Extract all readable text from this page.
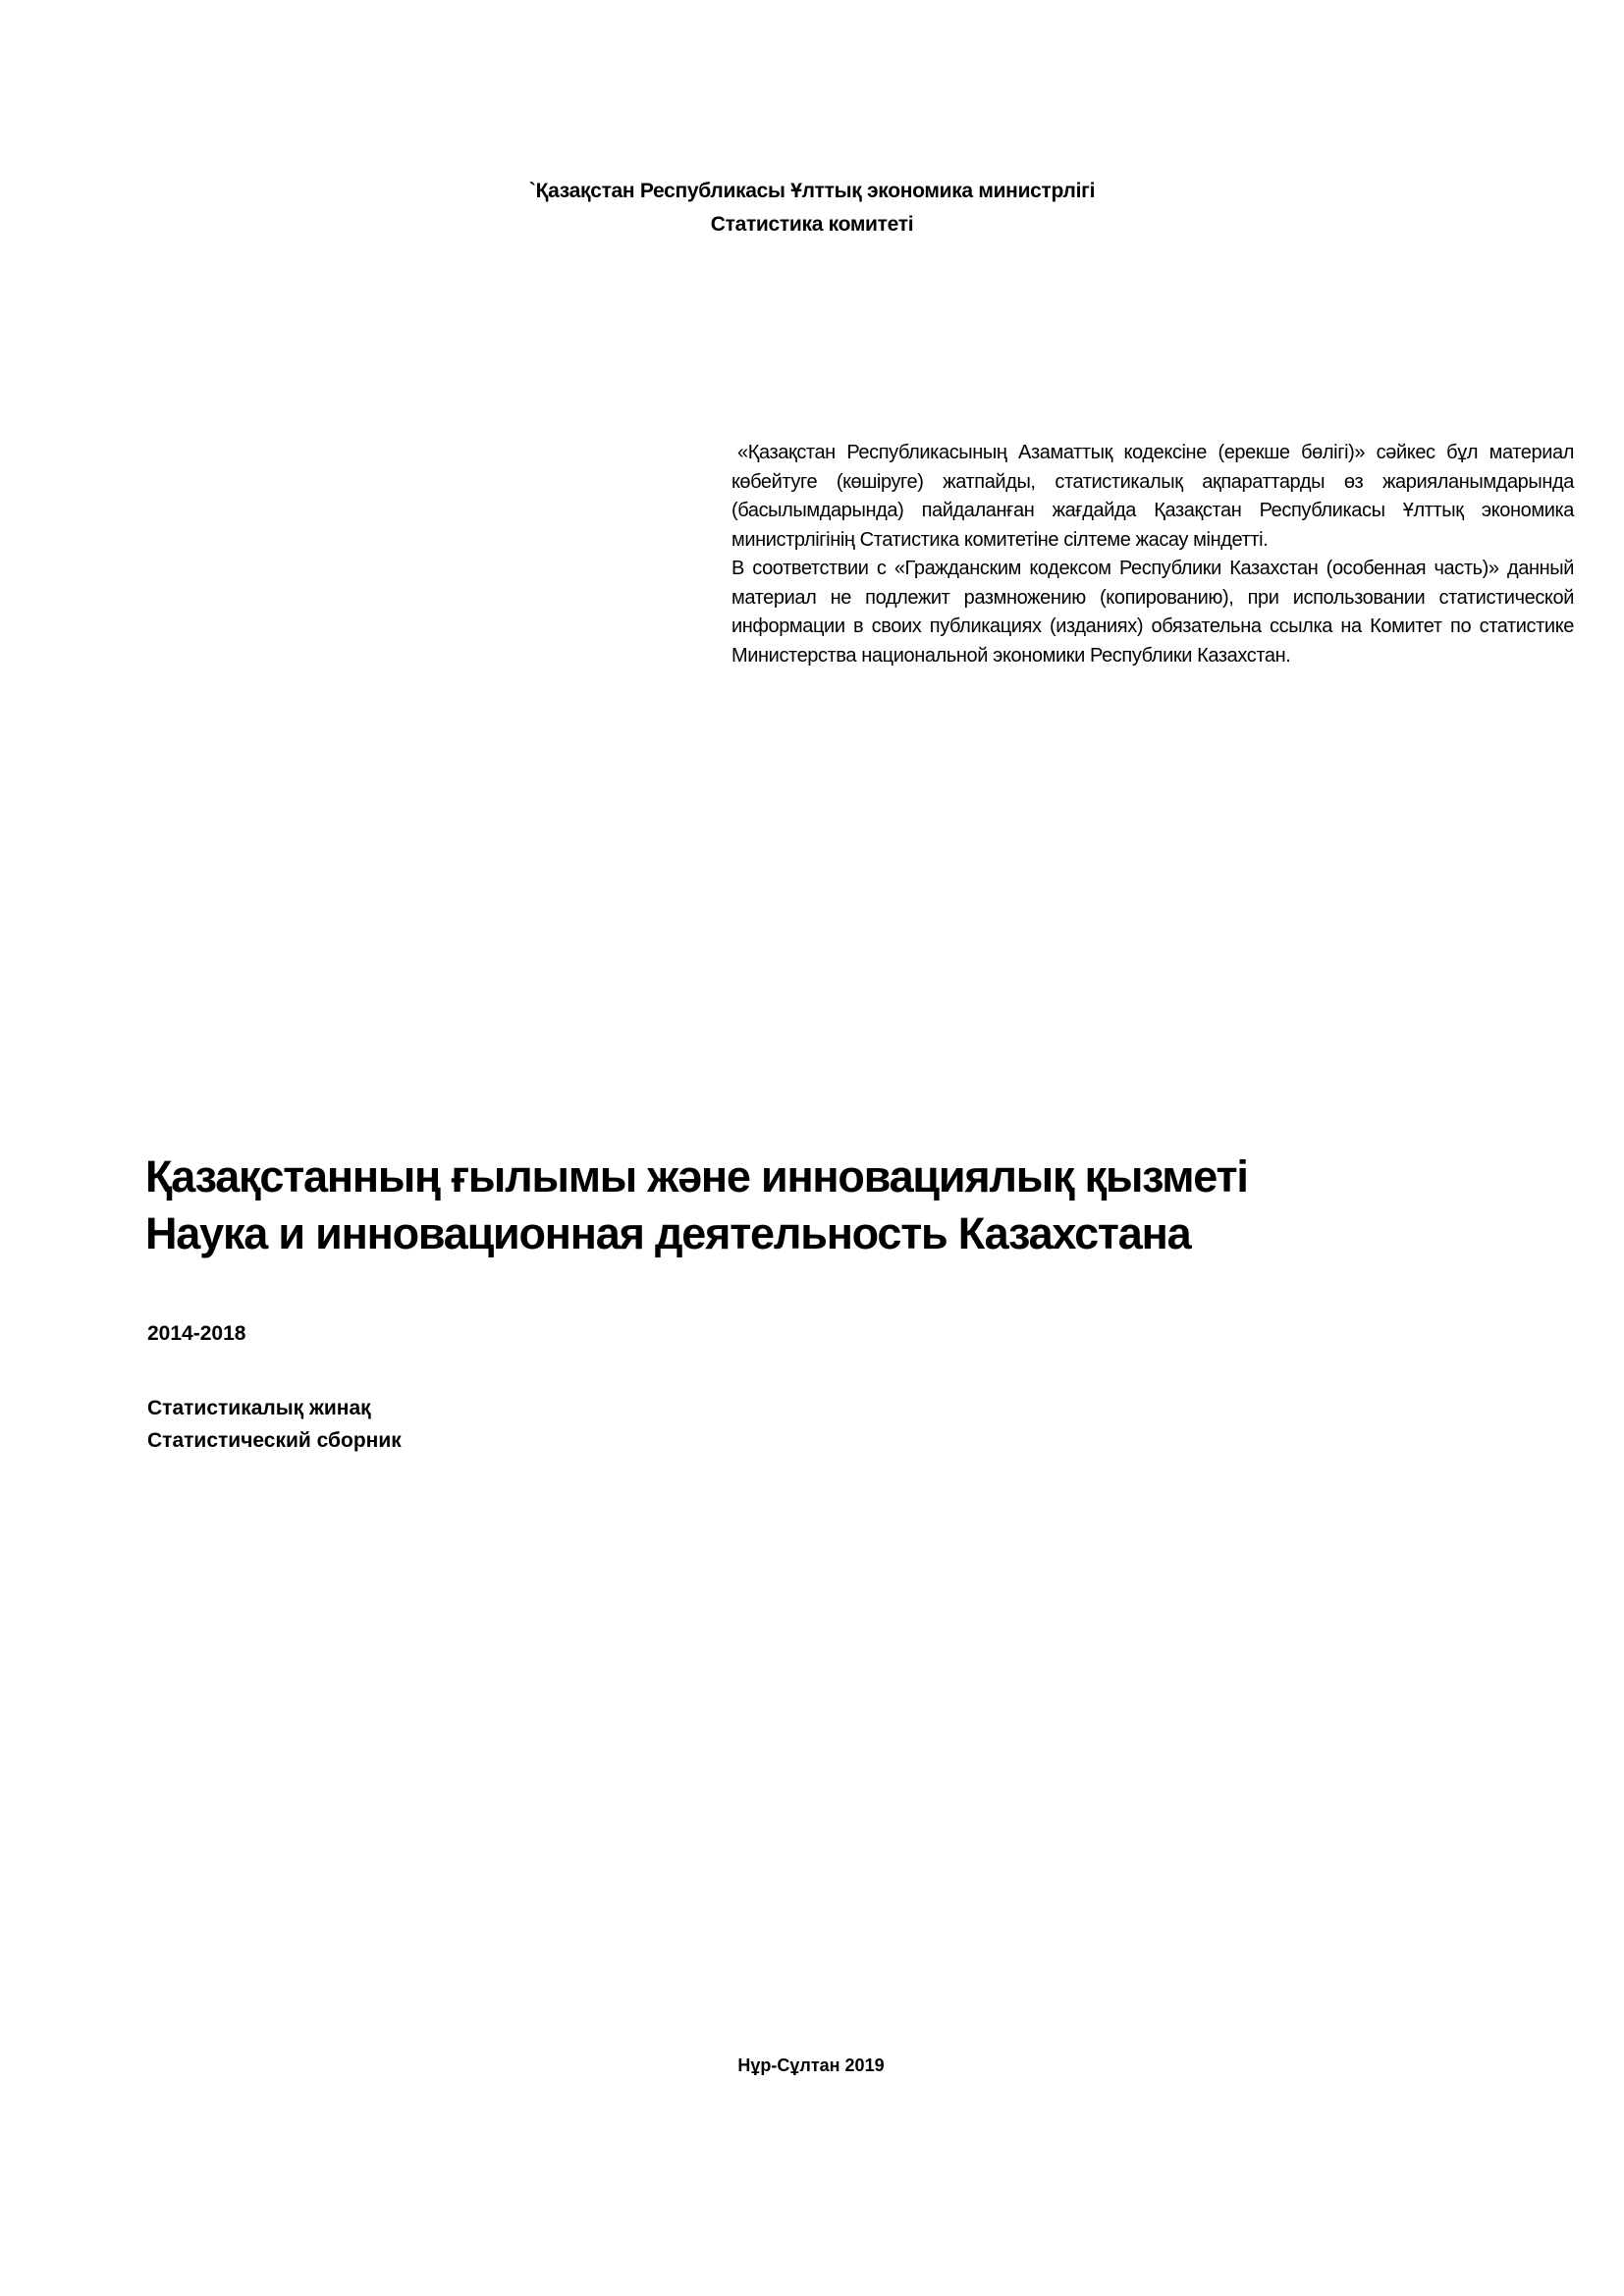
`Қазақстан Республикасы Ұлттық экономика министрлігі
Статистика комитеті

«Қазақстан Республикасының Азаматтық кодексіне (ерекше бөлігі)» сәйкес бұл материал көбейтуге (көшіруге) жатпайды, статистикалық ақпараттарды өз жарияланымдарында (басылымдарында) пайдаланған жағдайда Қазақстан Республикасы Ұлттық экономика министрлігінің Статистика комитетіне сілтеме жасау міндетті.

В соответствии с «Гражданским кодексом Республики Казахстан (особенная часть)» данный материал не подлежит размножению (копированию), при использовании статистической информации в своих публикациях (изданиях) обязательна ссылка на Комитет по статистике Министерства национальной экономики Республики Казахстан.

Қазақстанның ғылымы және инновациялық қызметі
Наука и инновационная деятельность Казахстана
2014-2018
Статистикалық жинақ
Статистический сборник
Нұр-Сұлтан 2019
